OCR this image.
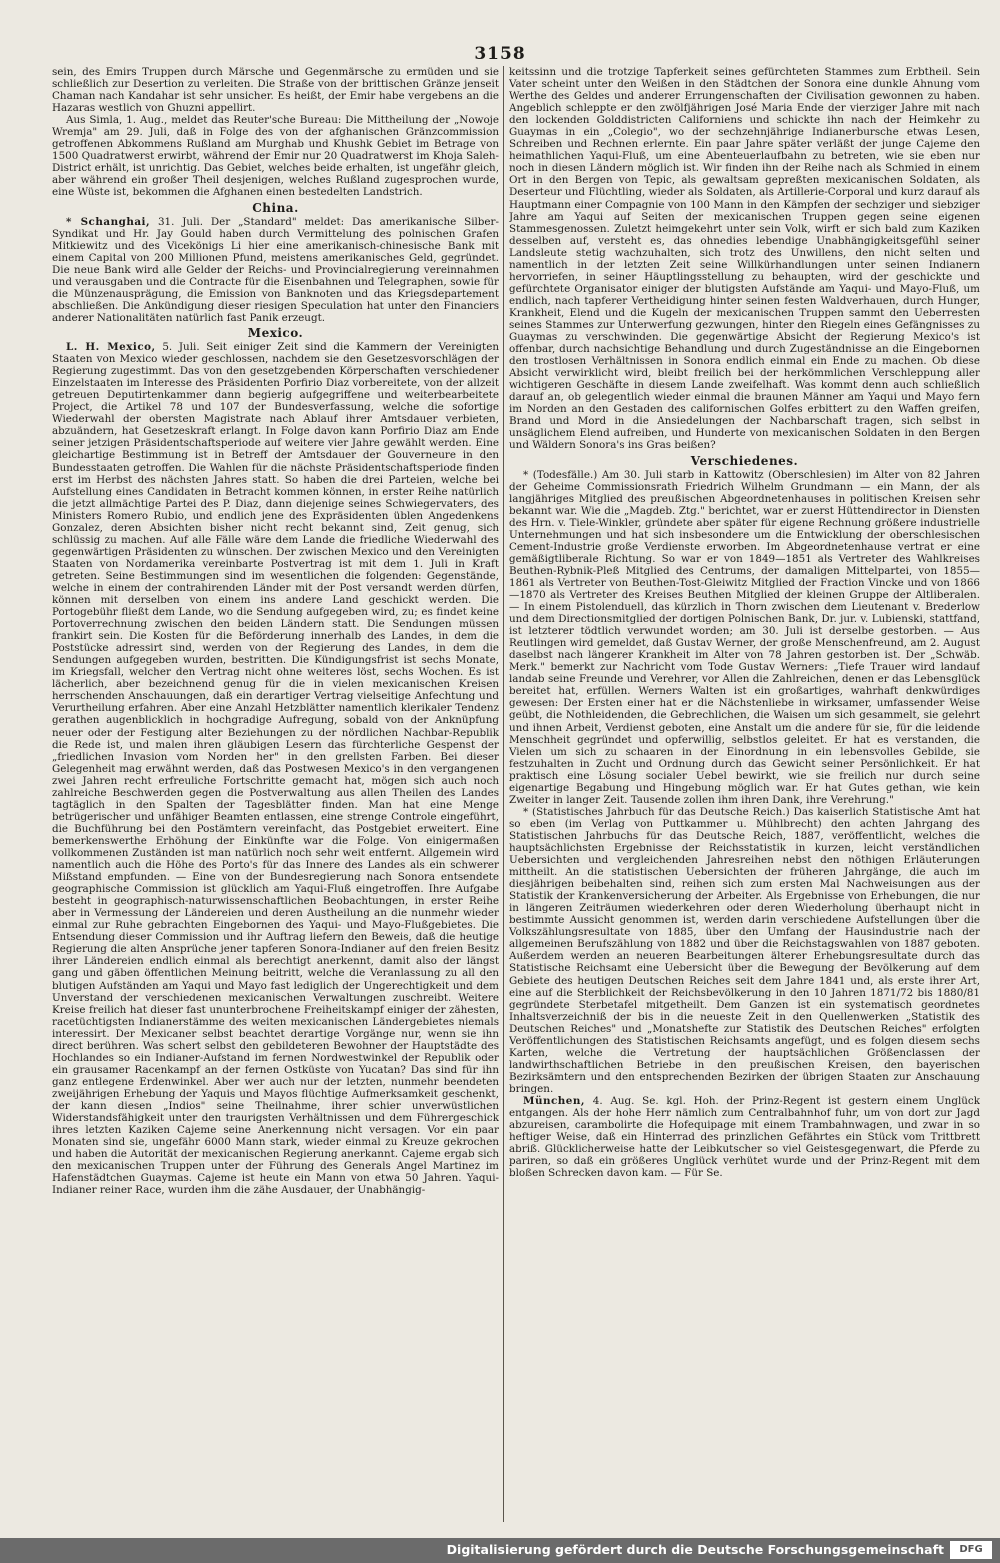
3158

sein, des Emirs Truppen durch Märsche und Gegenmärsche zu ermüden und sie schließlich zur Desertion zu verleiten. Die Straße von der brittischen Gränze jenseit Chaman nach Kandahar ist sehr unsicher. Es heißt, der Emir habe vergebens an die Hazaras westlich von Ghuzni appellirt.

Aus Simla, 1. Aug., meldet das Reuter'sche Bureau: Die Mittheilung der „Nowoje Wremja" am 29. Juli, daß in Folge des von der afghanischen Gränzcommission getroffenen Abkommens Rußland am Murghab und Khushk Gebiet im Betrage von 1500 Quadratwerst erwirbt, während der Emir nur 20 Quadratwerst im Khoja Saleh-District erhält, ist unrichtig. Das Gebiet, welches beide erhalten, ist ungefähr gleich, aber während ein großer Theil desjenigen, welches Rußland zugesprochen wurde, eine Wüste ist, bekommen die Afghanen einen bestedelten Landstrich.

China.

* Schanghai, 31. Juli. Der „Standard" meldet: Das amerikanische Silber-Syndikat und Hr. Jay Gould haben durch Vermittelung des polnischen Grafen Mitkiewitz und des Vicekönigs Li hier eine amerikanisch-chinesische Bank mit einem Capital von 200 Millionen Pfund, meistens amerikanisches Geld, gegründet. Die neue Bank wird alle Gelder der Reichs- und Provincialregierung vereinnahmen und verausgaben und die Contracte für die Eisenbahnen und Telegraphen, sowie für die Münzenausprägung, die Emission von Banknoten und das Kriegsdepartement abschließen. Die Ankündigung dieser riesigen Speculation hat unter den Financiers anderer Nationalitäten natürlich fast Panik erzeugt.

Mexico.

L. H. Mexico, 5. Juli. Seit einiger Zeit sind die Kammern der Vereinigten Staaten von Mexico wieder geschlossen, nachdem sie den Gesetzesvorschlägen der Regierung zugestimmt. Das von den gesetzgebenden Körperschaften verschiedener Einzelstaaten im Interesse des Präsidenten Porfirio Diaz vorbereitete, von der allzeit getreuen Deputirtenkammer dann begierig aufgegriffene und weiterbearbeitete Project, die Artikel 78 und 107 der Bundesverfassung, welche die sofortige Wiederwahl der obersten Magistrate nach Ablauf ihrer Amtsdauer verbieten, abzuändern, hat Gesetzeskraft erlangt. In Folge davon kann Porfirio Diaz am Ende seiner jetzigen Präsidentschaftsperiode auf weitere vier Jahre gewählt werden. Eine gleichartige Bestimmung ist in Betreff der Amtsdauer der Gouverneure in den Bundesstaaten getroffen. Die Wahlen für die nächste Präsidentschaftsperiode finden erst im Herbst des nächsten Jahres statt. So haben die drei Parteien, welche bei Aufstellung eines Candidaten in Betracht kommen können, in erster Reihe natürlich die jetzt allmächtige Partei des P. Diaz, dann diejenige seines Schwiegervaters, des Ministers Romero Rubio, und endlich jene des Expräsidenten üblen Angedenkens Gonzalez, deren Absichten bisher nicht recht bekannt sind, Zeit genug, sich schlüssig zu machen. Auf alle Fälle wäre dem Lande die friedliche Wiederwahl des gegenwärtigen Präsidenten zu wünschen. Der zwischen Mexico und den Vereinigten Staaten von Nordamerika vereinbarte Postvertrag ist mit dem 1. Juli in Kraft getreten. Seine Bestimmungen sind im wesentlichen die folgenden: Gegenstände, welche in einem der contrahirenden Länder mit der Post versandt werden dürfen, können mit derselben von einem ins andere Land geschickt werden. Die Portogebühr fließt dem Lande, wo die Sendung aufgegeben wird, zu; es findet keine Portoverrechnung zwischen den beiden Ländern statt. Die Sendungen müssen frankirt sein. Die Kosten für die Beförderung innerhalb des Landes, in dem die Poststücke adressirt sind, werden von der Regierung des Landes, in dem die Sendungen aufgegeben wurden, bestritten. Die Kündigungsfrist ist sechs Monate, im Kriegsfall, welcher den Vertrag nicht ohne weiteres löst, sechs Wochen. Es ist lächerlich, aber bezeichnend genug für die in vielen mexicanischen Kreisen herrschenden Anschauungen, daß ein derartiger Vertrag vielseitige Anfechtung und Verurtheilung erfahren. Aber eine Anzahl Hetzblätter namentlich klerikaler Tendenz gerathen augenblicklich in hochgradige Aufregung, sobald von der Anknüpfung neuer oder der Festigung alter Beziehungen zu der nördlichen Nachbar-Republik die Rede ist, und malen ihren gläubigen Lesern das fürchterliche Gespenst der „friedlichen Invasion vom Norden her" in den grellsten Farben. Bei dieser Gelegenheit mag erwähnt werden, daß das Postwesen Mexico's in den vergangenen zwei Jahren recht erfreuliche Fortschritte gemacht hat, mögen sich auch noch zahlreiche Beschwerden gegen die Postverwaltung aus allen Theilen des Landes tagtäglich in den Spalten der Tagesblätter finden. Man hat eine Menge betrügerischer und unfähiger Beamten entlassen, eine strenge Controle eingeführt, die Buchführung bei den Postämtern vereinfacht, das Postgebiet erweitert. Eine bemerkenswerthe Erhöhung der Einkünfte war die Folge. Von einigermaßen vollkommenen Zuständen ist man natürlich noch sehr weit entfernt. Allgemein wird namentlich auch die Höhe des Porto's für das Innere des Landes als ein schwerer Mißstand empfunden. — Eine von der Bundesregierung nach Sonora entsendete geographische Commission ist glücklich am Yaqui-Fluß eingetroffen. Ihre Aufgabe besteht in geographisch-naturwissenschaftlichen Beobachtungen, in erster Reihe aber in Vermessung der Ländereien und deren Austheilung an die nunmehr wieder einmal zur Ruhe gebrachten Eingebornen des Yaqui- und Mayo-Flußgebietes. Die Entsendung dieser Commission und ihr Auftrag liefern den Beweis, daß die heutige Regierung die alten Ansprüche jener tapferen Sonora-Indianer auf den freien Besitz ihrer Ländereien endlich einmal als berechtigt anerkennt, damit also der längst gang und gäben öffentlichen Meinung beitritt, welche die Veranlassung zu all den blutigen Aufständen am Yaqui und Mayo fast lediglich der Ungerechtigkeit und dem Unverstand der verschiedenen mexicanischen Verwaltungen zuschreibt. Weitere Kreise freilich hat dieser fast ununterbrochene Freiheitskampf einiger der zähesten, racetüchtigsten Indianerstämme des weiten mexicanischen Ländergebietes niemals interessirt. Der Mexicaner selbst beachtet derartige Vorgänge nur, wenn sie ihn direct berühren. Was schert selbst den gebildeteren Bewohner der Hauptstädte des Hochlandes so ein Indianer-Aufstand im fernen Nordwestwinkel der Republik oder ein grausamer Racenkampf an der fernen Ostküste von Yucatan? Das sind für ihn ganz entlegene Erdenwinkel. Aber wer auch nur der letzten, nunmehr beendeten zweijährigen Erhebung der Yaquis und Mayos flüchtige Aufmerksamkeit geschenkt, der kann diesen „Indios" seine Theilnahme, ihrer schier unverwüstlichen Widerstandsfähigkeit unter den traurigsten Verhältnissen und dem Führergeschick ihres letzten Kaziken Cajeme seine Anerkennung nicht versagen. Vor ein paar Monaten sind sie, ungefähr 6000 Mann stark, wieder einmal zu Kreuze gekrochen und haben die Autorität der mexicanischen Regierung anerkannt. Cajeme ergab sich den mexicanischen Truppen unter der Führung des Generals Angel Martinez im Hafenstädtchen Guaymas. Cajeme ist heute ein Mann von etwa 50 Jahren. Yaqui-Indianer reiner Race, wurden ihm die zähe Ausdauer, der Unabhängig-

keitssinn und die trotzige Tapferkeit seines gefürchteten Stammes zum Erbtheil. Sein Vater scheint unter den Weißen in den Städtchen der Sonora eine dunkle Ahnung vom Werthe des Geldes und anderer Errungenschaften der Civilisation gewonnen zu haben. Angeblich schleppte er den zwölfjährigen José Maria Ende der vierziger Jahre mit nach den lockenden Golddistricten Californiens und schickte ihn nach der Heimkehr zu Guaymas in ein „Colegio", wo der sechzehnjährige Indianerbursche etwas Lesen, Schreiben und Rechnen erlernte. Ein paar Jahre später verläßt der junge Cajeme den heimathlichen Yaqui-Fluß, um eine Abenteuerlaufbahn zu betreten, wie sie eben nur noch in diesen Ländern möglich ist. Wir finden ihn der Reihe nach als Schmied in einem Ort in den Bergen von Tepic, als gewaltsam gepreßten mexicanischen Soldaten, als Deserteur und Flüchtling, wieder als Soldaten, als Artillerie-Corporal und kurz darauf als Hauptmann einer Compagnie von 100 Mann in den Kämpfen der sechziger und siebziger Jahre am Yaqui auf Seiten der mexicanischen Truppen gegen seine eigenen Stammesgenossen. Zuletzt heimgekehrt unter sein Volk, wirft er sich bald zum Kaziken desselben auf, versteht es, das ohnedies lebendige Unabhängigkeitsgefühl seiner Landsleute stetig wachzuhalten, sich trotz des Unwillens, den nicht selten und namentlich in der letzten Zeit seine Willkürhandlungen unter seinen Indianern hervorriefen, in seiner Häuptlingsstellung zu behaupten, wird der geschickte und gefürchtete Organisator einiger der blutigsten Aufstände am Yaqui- und Mayo-Fluß, um endlich, nach tapferer Vertheidigung hinter seinen festen Waldverhauen, durch Hunger, Krankheit, Elend und die Kugeln der mexicanischen Truppen sammt den Ueberresten seines Stammes zur Unterwerfung gezwungen, hinter den Riegeln eines Gefängnisses zu Guaymas zu verschwinden. Die gegenwärtige Absicht der Regierung Mexico's ist offenbar, durch nachsichtige Behandlung und durch Zugeständnisse an die Eingebornen den trostlosen Verhältnissen in Sonora endlich einmal ein Ende zu machen. Ob diese Absicht verwirklicht wird, bleibt freilich bei der herkömmlichen Verschleppung aller wichtigeren Geschäfte in diesem Lande zweifelhaft. Was kommt denn auch schließlich darauf an, ob gelegentlich wieder einmal die braunen Männer am Yaqui und Mayo fern im Norden an den Gestaden des californischen Golfes erbittert zu den Waffen greifen, Brand und Mord in die Ansiedelungen der Nachbarschaft tragen, sich selbst in unsäglichem Elend aufreiben, und Hunderte von mexicanischen Soldaten in den Bergen und Wäldern Sonora's ins Gras beißen?

Verschiedenes.

* (Todesfälle.) Am 30. Juli starb in Kattowitz (Oberschlesien) im Alter von 82 Jahren der Geheime Commissionsrath Friedrich Wilhelm Grundmann — ein Mann, der als langjähriges Mitglied des preußischen Abgeordnetenhauses in politischen Kreisen sehr bekannt war. Wie die „Magdeb. Ztg." berichtet, war er zuerst Hüttendirector in Diensten des Hrn. v. Tiele-Winkler, gründete aber später für eigene Rechnung größere industrielle Unternehmungen und hat sich insbesondere um die Entwicklung der oberschlesischen Cement-Industrie große Verdienste erworben. Im Abgeordnetenhause vertrat er eine gemäßigtliberale Richtung. So war er von 1849—1851 als Vertreter des Wahlkreises Beuthen-Rybnik-Pleß Mitglied des Centrums, der damaligen Mittelpartei, von 1855—1861 als Vertreter von Beuthen-Tost-Gleiwitz Mitglied der Fraction Vincke und von 1866—1870 als Vertreter des Kreises Beuthen Mitglied der kleinen Gruppe der Altliberalen. — In einem Pistolenduell, das kürzlich in Thorn zwischen dem Lieutenant v. Brederlow und dem Directionsmitglied der dortigen Polnischen Bank, Dr. jur. v. Lubienski, stattfand, ist letzterer tödtlich verwundet worden; am 30. Juli ist derselbe gestorben. — Aus Reutlingen wird gemeldet, daß Gustav Werner, der große Menschenfreund, am 2. August daselbst nach längerer Krankheit im Alter von 78 Jahren gestorben ist. Der „Schwäb. Merk." bemerkt zur Nachricht vom Tode Gustav Werners: „Tiefe Trauer wird landauf landab seine Freunde und Verehrer, vor Allen die Zahlreichen, denen er das Lebensglück bereitet hat, erfüllen. Werners Walten ist ein großartiges, wahrhaft denkwürdiges gewesen: Der Ersten einer hat er die Nächstenliebe in wirksamer, umfassender Weise geübt, die Nothleidenden, die Gebrechlichen, die Waisen um sich gesammelt, sie gelehrt und ihnen Arbeit, Verdienst geboten, eine Anstalt um die andere für sie, für die leidende Menschheit gegründet und opferwillig, selbstlos geleitet. Er hat es verstanden, die Vielen um sich zu schaaren in der Einordnung in ein lebensvolles Gebilde, sie festzuhalten in Zucht und Ordnung durch das Gewicht seiner Persönlichkeit. Er hat praktisch eine Lösung socialer Uebel bewirkt, wie sie freilich nur durch seine eigenartige Begabung und Hingebung möglich war. Er hat Gutes gethan, wie kein Zweiter in langer Zeit. Tausende zollen ihm ihren Dank, ihre Verehrung."

* (Statistisches Jahrbuch für das Deutsche Reich.) Das kaiserlich Statistische Amt hat so eben (im Verlag von Puttkammer u. Mühlbrecht) den achten Jahrgang des Statistischen Jahrbuchs für das Deutsche Reich, 1887, veröffentlicht, welches die hauptsächlichsten Ergebnisse der Reichsstatistik in kurzen, leicht verständlichen Uebersichten und vergleichenden Jahresreihen nebst den nöthigen Erläuterungen mittheilt. An die statistischen Uebersichten der früheren Jahrgänge, die auch im diesjährigen beibehalten sind, reihen sich zum ersten Mal Nachweisungen aus der Statistik der Krankenversicherung der Arbeiter. Als Ergebnisse von Erhebungen, die nur in längeren Zeiträumen wiederkehren oder deren Wiederholung überhaupt nicht in bestimmte Aussicht genommen ist, werden darin verschiedene Aufstellungen über die Volkszählungsresultate von 1885, über den Umfang der Hausindustrie nach der allgemeinen Berufszählung von 1882 und über die Reichstagswahlen von 1887 geboten. Außerdem werden an neueren Bearbeitungen älterer Erhebungsresultate durch das Statistische Reichsamt eine Uebersicht über die Bewegung der Bevölkerung auf dem Gebiete des heutigen Deutschen Reiches seit dem Jahre 1841 und, als erste ihrer Art, eine auf die Sterblichkeit der Reichsbevölkerung in den 10 Jahren 1871/72 bis 1880/81 gegründete Sterbetafel mitgetheilt. Dem Ganzen ist ein systematisch geordnetes Inhaltsverzeichniß der bis in die neueste Zeit in den Quellenwerken „Statistik des Deutschen Reiches" und „Monatshefte zur Statistik des Deutschen Reiches" erfolgten Veröffentlichungen des Statistischen Reichsamts angefügt, und es folgen diesem sechs Karten, welche die Vertretung der hauptsächlichen Größenclassen der landwirthschaftlichen Betriebe in den preußischen Kreisen, den bayerischen Bezirksämtern und den entsprechenden Bezirken der übrigen Staaten zur Anschauung bringen.

München, 4. Aug. Se. kgl. Hoh. der Prinz-Regent ist gestern einem Unglück entgangen. Als der hohe Herr nämlich zum Centralbahnhof fuhr, um von dort zur Jagd abzureisen, carambolirte die Hofequipage mit einem Trambahnwagen, und zwar in so heftiger Weise, daß ein Hinterrad des prinzlichen Gefährtes ein Stück vom Trittbrett abriß. Glücklicherweise hatte der Leibkutscher so viel Geistesgegenwart, die Pferde zu pariren, so daß ein größeres Unglück verhütet wurde und der Prinz-Regent mit dem bloßen Schrecken davon kam. — Für Se.

Digitalisierung gefördert durch die Deutsche Forschungsgemeinschaft	DFG
